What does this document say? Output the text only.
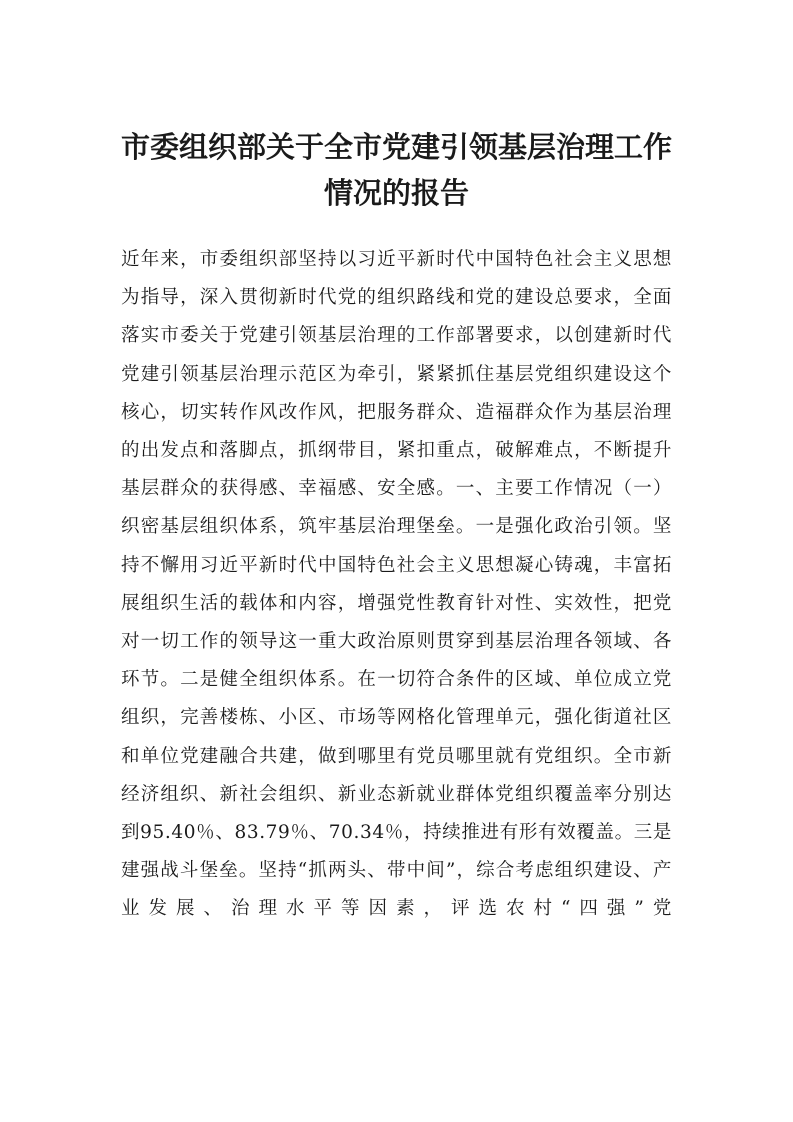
市委组织部关于全市党建引领基层治理工作情况的报告

近年来，市委组织部坚持以习近平新时代中国特色社会主义思想为指导，深入贯彻新时代党的组织路线和党的建设总要求，全面落实市委关于党建引领基层治理的工作部署要求，以创建新时代党建引领基层治理示范区为牵引，紧紧抓住基层党组织建设这个核心，切实转作风改作风，把服务群众、造福群众作为基层治理的出发点和落脚点，抓纲带目，紧扣重点，破解难点，不断提升基层群众的获得感、幸福感、安全感。一、主要工作情况（一）织密基层组织体系，筑牢基层治理堡垒。一是强化政治引领。坚持不懈用习近平新时代中国特色社会主义思想凝心铸魂，丰富拓展组织生活的载体和内容，增强党性教育针对性、实效性，把党对一切工作的领导这一重大政治原则贯穿到基层治理各领域、各环节。二是健全组织体系。在一切符合条件的区域、单位成立党组织，完善楼栋、小区、市场等网格化管理单元，强化街道社区和单位党建融合共建，做到哪里有党员哪里就有党组织。全市新经济组织、新社会组织、新业态新就业群体党组织覆盖率分别达到95.40％、83.79％、70.34％，持续推进有形有效覆盖。三是建强战斗堡垒。坚持“抓两头、带中间”，综合考虑组织建设、产业发展、治理水平等因素，评选农村“四强”党
